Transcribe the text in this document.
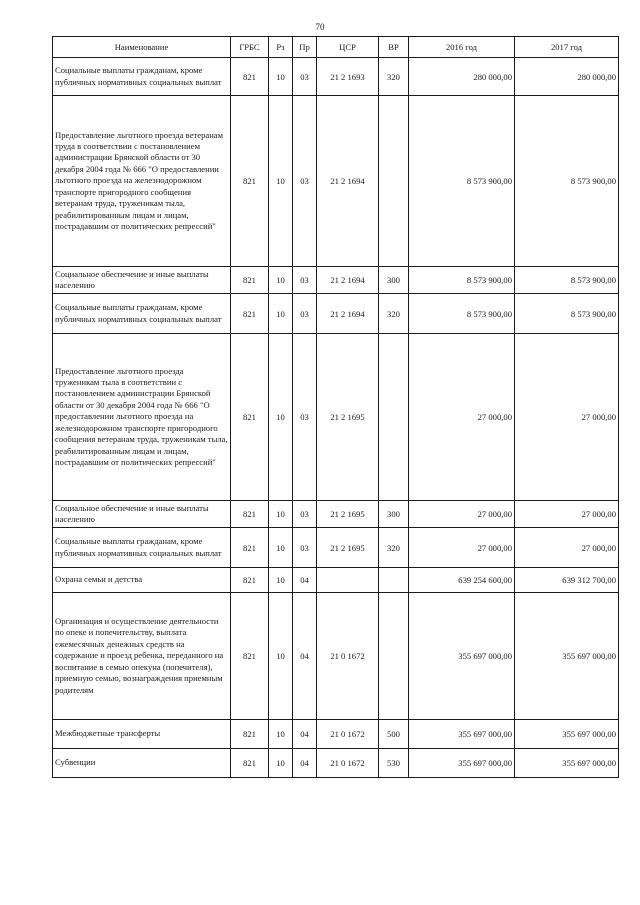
70
Наименование	ГРБС	Рз	Пр	ЦСР	ВР	2016 год	2017 год
Социальные выплаты гражданам, кроме публичных нормативных социальных выплат	821	10	03	21 2 1693	320	280 000,00	280 000,00
Предоставление льготного проезда ветеранам труда в соответствии с постановлением администрации Брянской области от 30 декабря 2004 года № 666 "О предоставлении льготного проезда на железнодорожном транспорте пригородного сообщения ветеранам труда, труженикам тыла, реабилитированным лицам и лицам, пострадавшим от политических репрессий"	821	10	03	21 2 1694		8 573 900,00	8 573 900,00
Социальное обеспечение и иные выплаты населению	821	10	03	21 2 1694	300	8 573 900,00	8 573 900,00
Социальные выплаты гражданам, кроме публичных нормативных социальных выплат	821	10	03	21 2 1694	320	8 573 900,00	8 573 900,00
Предоставление льготного проезда труженикам тыла в соответствии с постановлением администрации Брянской области от 30 декабря 2004 года № 666 "О предоставлении льготного проезда на железнодорожном транспорте пригородного сообщения ветеранам труда, труженикам тыла, реабилитированным лицам и лицам, пострадавшим от политических репрессий"	821	10	03	21 2 1695		27 000,00	27 000,00
Социальное обеспечение и иные выплаты населению	821	10	03	21 2 1695	300	27 000,00	27 000,00
Социальные выплаты гражданам, кроме публичных нормативных социальных выплат	821	10	03	21 2 1695	320	27 000,00	27 000,00
Охрана семьи и детства	821	10	04			639 254 600,00	639 312 700,00
Организация и осуществление деятельности по опеке и попечительству, выплата ежемесячных денежных средств на содержание и проезд ребенка, переданного на воспитание в семью опекуна (попечителя), приемную семью, вознаграждения приемным родителям	821	10	04	21 0 1672		355 697 000,00	355 697 000,00
Межбюджетные трансферты	821	10	04	21 0 1672	500	355 697 000,00	355 697 000,00
Субвенции	821	10	04	21 0 1672	530	355 697 000,00	355 697 000,00
